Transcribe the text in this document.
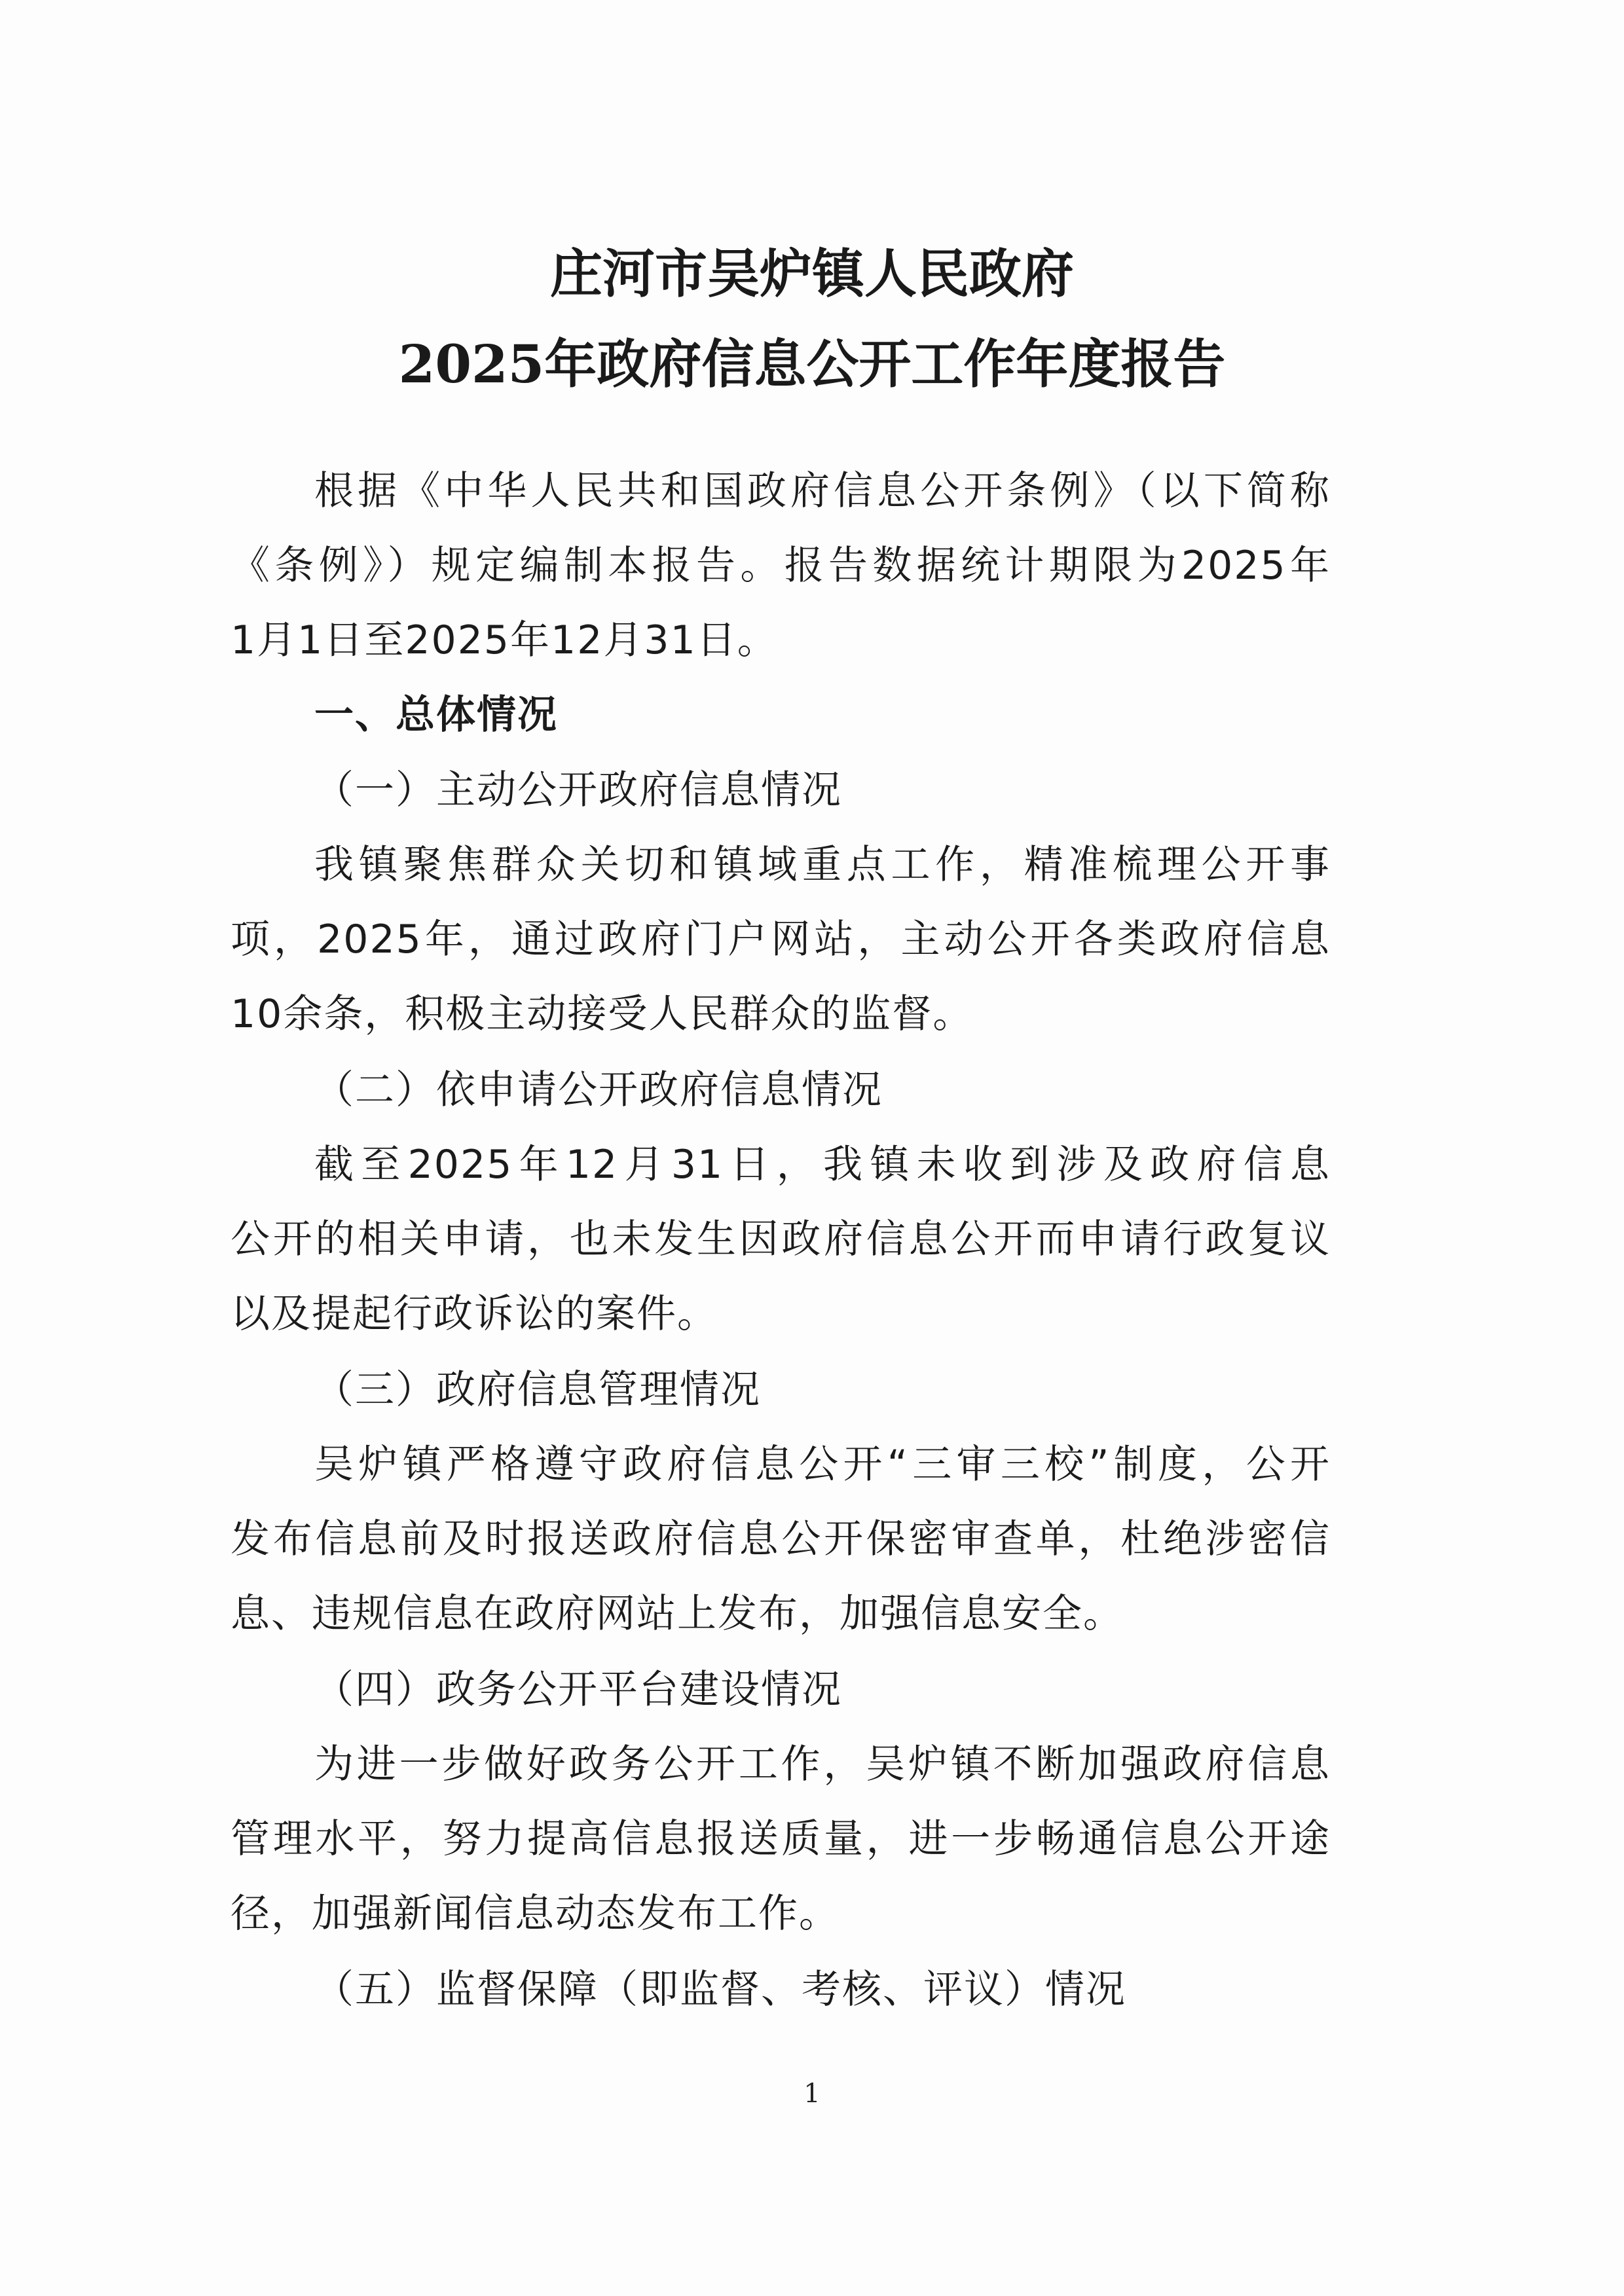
庄河市吴炉镇人民政府
2025年政府信息公开工作年度报告
根据《中华人民共和国政府信息公开条例》（以下简称
《条例》）规定编制本报告。报告数据统计期限为2025年
1月1日至2025年12月31日。
一、总体情况
（一）主动公开政府信息情况
我镇聚焦群众关切和镇域重点工作，精准梳理公开事
项，2025年，通过政府门户网站，主动公开各类政府信息
10余条，积极主动接受人民群众的监督。
（二）依申请公开政府信息情况
截至2025年12月31日，我镇未收到涉及政府信息
公开的相关申请，也未发生因政府信息公开而申请行政复议
以及提起行政诉讼的案件。
（三）政府信息管理情况
吴炉镇严格遵守政府信息公开“三审三校”制度，公开
发布信息前及时报送政府信息公开保密审查单，杜绝涉密信
息、违规信息在政府网站上发布，加强信息安全。
（四）政务公开平台建设情况
为进一步做好政务公开工作，吴炉镇不断加强政府信息
管理水平，努力提高信息报送质量，进一步畅通信息公开途
径，加强新闻信息动态发布工作。
（五）监督保障（即监督、考核、评议）情况
1
